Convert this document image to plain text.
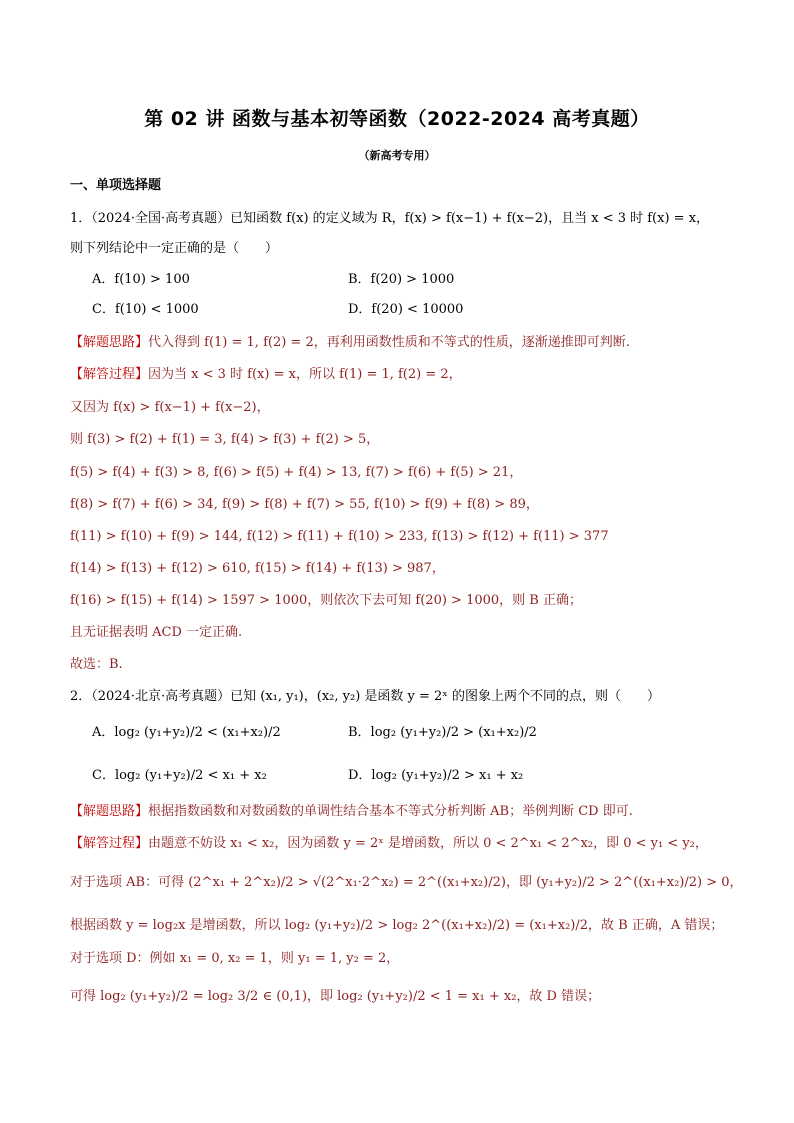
第 02 讲 函数与基本初等函数（2022-2024 高考真题）
（新高考专用）
一、单项选择题
1．（2024·全国·高考真题）已知函数 f(x) 的定义域为 R，f(x) > f(x−1) + f(x−2)，且当 x < 3 时 f(x) = x，
则下列结论中一定正确的是（　　）
A．f(10) > 100	B．f(20) > 1000
C．f(10) < 1000	D．f(20) < 10000
【解题思路】代入得到 f(1) = 1, f(2) = 2，再利用函数性质和不等式的性质，逐渐递推即可判断.
【解答过程】因为当 x < 3 时 f(x) = x，所以 f(1) = 1, f(2) = 2，
又因为 f(x) > f(x−1) + f(x−2)，
则 f(3) > f(2) + f(1) = 3, f(4) > f(3) + f(2) > 5，
f(5) > f(4) + f(3) > 8, f(6) > f(5) + f(4) > 13, f(7) > f(6) + f(5) > 21，
f(8) > f(7) + f(6) > 34, f(9) > f(8) + f(7) > 55, f(10) > f(9) + f(8) > 89，
f(11) > f(10) + f(9) > 144, f(12) > f(11) + f(10) > 233, f(13) > f(12) + f(11) > 377
f(14) > f(13) + f(12) > 610, f(15) > f(14) + f(13) > 987，
f(16) > f(15) + f(14) > 1597 > 1000，则依次下去可知 f(20) > 1000，则 B 正确；
且无证据表明 ACD 一定正确.
故选：B.
2．（2024·北京·高考真题）已知 (x₁, y₁)，(x₂, y₂) 是函数 y = 2ˣ 的图象上两个不同的点，则（　　）
A．log₂ (y₁+y₂)/2 < (x₁+x₂)/2	B．log₂ (y₁+y₂)/2 > (x₁+x₂)/2
C．log₂ (y₁+y₂)/2 < x₁ + x₂	D．log₂ (y₁+y₂)/2 > x₁ + x₂
【解题思路】根据指数函数和对数函数的单调性结合基本不等式分析判断 AB；举例判断 CD 即可.
【解答过程】由题意不妨设 x₁ < x₂，因为函数 y = 2ˣ 是增函数，所以 0 < 2^x₁ < 2^x₂，即 0 < y₁ < y₂，
对于选项 AB：可得 (2^x₁ + 2^x₂)/2 > √(2^x₁·2^x₂) = 2^((x₁+x₂)/2)，即 (y₁+y₂)/2 > 2^((x₁+x₂)/2) > 0，
根据函数 y = log₂x 是增函数，所以 log₂ (y₁+y₂)/2 > log₂ 2^((x₁+x₂)/2) = (x₁+x₂)/2，故 B 正确，A 错误；
对于选项 D：例如 x₁ = 0, x₂ = 1，则 y₁ = 1, y₂ = 2，
可得 log₂ (y₁+y₂)/2 = log₂ 3/2 ∈ (0,1)，即 log₂ (y₁+y₂)/2 < 1 = x₁ + x₂，故 D 错误；
